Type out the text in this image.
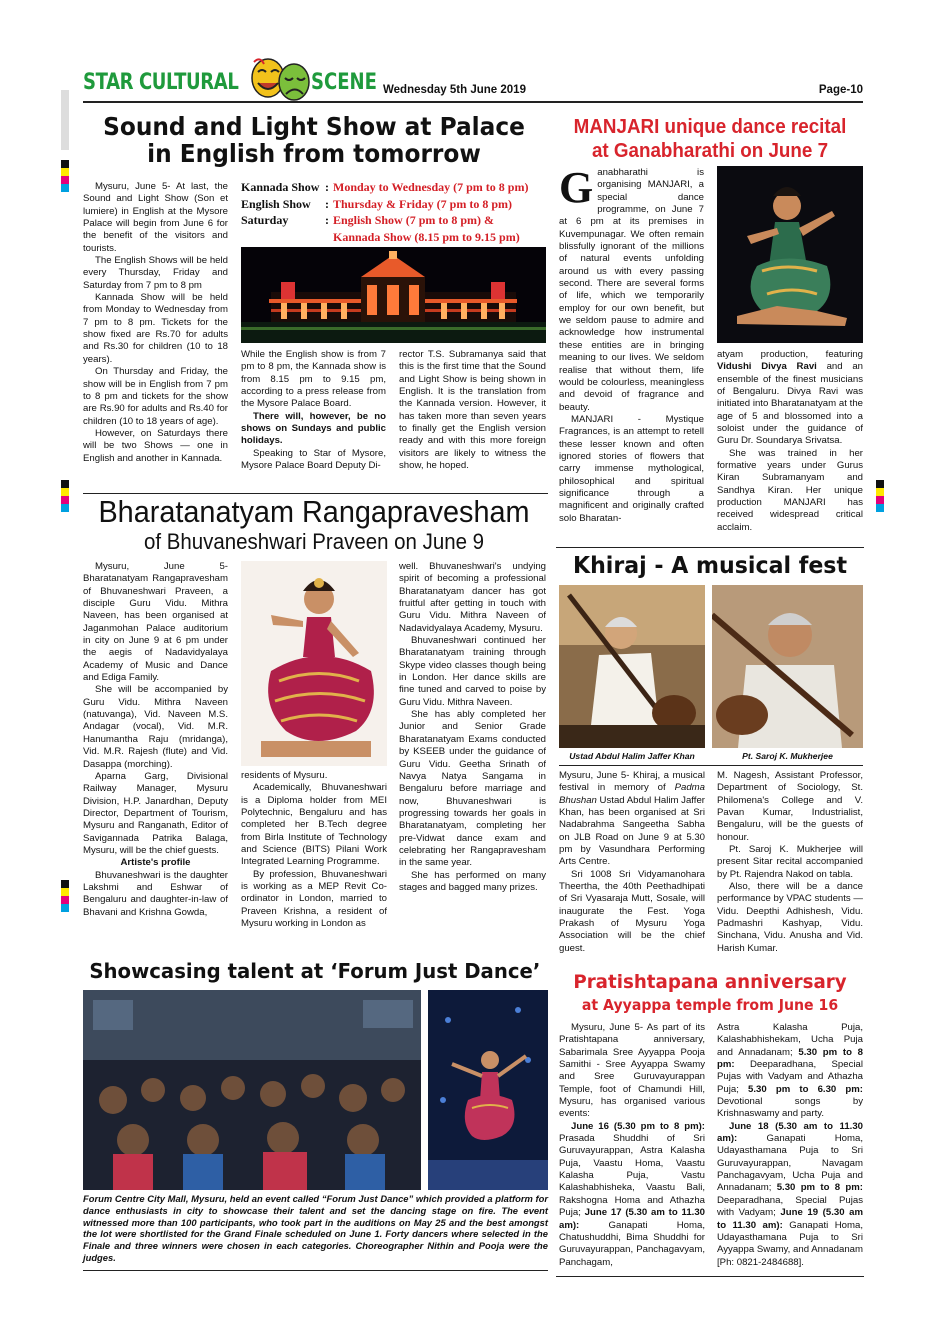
STAR CULTURAL	SCENE Wednesday 5th June 2019	Page-10
Sound and Light Show at Palace
in English from tomorrow

Mysuru, June 5- At last, the Sound and Light Show (Son et lumiere) in English at the Mysore Palace will begin from June 6 for the benefit of the visitors and tourists.

The English Shows will be held every Thursday, Friday and Saturday from 7 pm to 8 pm

Kannada Show will be held from Monday to Wednesday from 7 pm to 8 pm. Tickets for the show fixed are Rs.70 for adults and Rs.30 for children (10 to 18 years).

On Thursday and Friday, the show will be in English from 7 pm to 8 pm and tickets for the show are Rs.90 for adults and Rs.40 for children (10 to 18 years of age).

However, on Saturdays there will be two Shows — one in English and another in Kannada.

Kannada Show : Monday to Wednesday (7 pm to 8 pm)
English Show	: Thursday & Friday (7 pm to 8 pm)
Saturday	: English Show (7 pm to 8 pm) &
Kannada Show (8.15 pm to 9.15 pm)

While the English show is from 7 pm to 8 pm, the Kannada show is from 8.15 pm to 9.15 pm, according to a press release from the Mysore Palace Board.

There will, however, be no shows on Sundays and public holidays.

Speaking to Star of Mysore, Mysore Palace Board Deputy Di-

rector T.S. Subramanya said that this is the first time that the Sound and Light Show is being shown in English. It is the translation from the Kannada version. However, it has taken more than seven years to finally get the English version ready and with this more foreign visitors are likely to witness the show, he hoped.

MANJARI unique dance recital
at Ganabharathi on June 7

Ganabharathi is organising MANJARI, a special dance programme, on June 7 at 6 pm at its premises in Kuvempunagar. We often remain blissfully ignorant of the millions of natural events unfolding around us with every passing second. There are several forms of life, which we temporarily employ for our own benefit, but we seldom pause to admire and acknowledge how instrumental these entities are in bringing meaning to our lives. We seldom realise that without them, life would be colourless, meaningless and devoid of fragrance and beauty.

MANJARI - Mystique Fragrances, is an attempt to retell these lesser known and often ignored stories of flowers that carry immense mythological, philosophical and spiritual significance through a magnificent and originally crafted solo Bharatan-

atyam production, featuring Vidushi Divya Ravi and an ensemble of the finest musicians of Bengaluru. Divya Ravi was initiated into Bharatanatyam at the age of 5 and blossomed into a soloist under the guidance of Guru Dr. Soundarya Srivatsa.

She was trained in her formative years under Gurus Kiran Subramanyam and Sandhya Kiran. Her unique production MANJARI has received widespread critical acclaim.

Bharatanatyam Rangapravesham
of Bhuvaneshwari Praveen on June 9

Mysuru, June 5- Bharatanatyam Rangapravesham of Bhuvaneshwari Praveen, a disciple Guru Vidu. Mithra Naveen, has been organised at Jaganmohan Palace auditorium in city on June 9 at 6 pm under the aegis of Nadavidyalaya Academy of Music and Dance and Ediga Family.

She will be accompanied by Guru Vidu. Mithra Naveen (natuvanga), Vid. Naveen M.S. Andagar (vocal), Vid. M.R. Hanumantha Raju (mridanga), Vid. M.R. Rajesh (flute) and Vid. Dasappa (morching).

Aparna Garg, Divisional Railway Manager, Mysuru Division, H.P. Janardhan, Deputy Director, Department of Tourism, Mysuru and Ranganath, Editor of Savigannada Patrika Balaga, Mysuru, will be the chief guests.

Artiste's profile

Bhuvaneshwari is the daughter Lakshmi and Eshwar of Bengaluru and daughter-in-law of Bhavani and Krishna Gowda,

residents of Mysuru.

Academically, Bhuvaneshwari is a Diploma holder from MEI Polytechnic, Bengaluru and has completed her B.Tech degree from Birla Institute of Technology and Science (BITS) Pilani Work Integrated Learning Programme.

By profession, Bhuvaneshwari is working as a MEP Revit Co-ordinator in London, married to Praveen Krishna, a resident of Mysuru working in London as

well. Bhuvaneshwari's undying spirit of becoming a professional Bharatanatyam dancer has got fruitful after getting in touch with Guru Vidu. Mithra Naveen of Nadavidyalaya Academy, Mysuru.

Bhuvaneshwari continued her Bharatanatyam training through Skype video classes though being in London. Her dance skills are fine tuned and carved to poise by Guru Vidu. Mithra Naveen.

She has ably completed her Junior and Senior Grade Bharatanatyam Exams conducted by KSEEB under the guidance of Guru Vidu. Geetha Srinath of Navya Natya Sangama in Bengaluru before marriage and now, Bhuvaneshwari is progressing towards her goals in Bharatanatyam, completing her pre-Vidwat dance exam and celebrating her Rangapravesham in the same year.

She has performed on many stages and bagged many prizes.

Khiraj - A musical fest
Ustad Abdul Halim Jaffer Khan	Pt. Saroj K. Mukherjee

Mysuru, June 5- Khiraj, a musical festival in memory of Padma Bhushan Ustad Abdul Halim Jaffer Khan, has been organised at Sri Nadabrahma Sangeetha Sabha on JLB Road on June 9 at 5.30 pm by Vasundhara Performing Arts Centre.

Sri 1008 Sri Vidyamanohara Theertha, the 40th Peethadhipati of Sri Vyasaraja Mutt, Sosale, will inaugurate the Fest. Yoga Prakash of Mysuru Yoga Association will be the chief guest.

M. Nagesh, Assistant Professor, Department of Sociology, St. Philomena's College and V. Pavan Kumar, Industrialist, Bengaluru, will be the guests of honour.

Pt. Saroj K. Mukherjee will present Sitar recital accompanied by Pt. Rajendra Nakod on tabla.

Also, there will be a dance performance by VPAC students — Vidu. Deepthi Adhishesh, Vidu. Padmashri Kashyap, Vidu. Sinchana, Vidu. Anusha and Vid. Harish Kumar.

Showcasing talent at ‘Forum Just Dance’
Forum Centre City Mall, Mysuru, held an event called “Forum Just Dance” which provided a platform for dance enthusiasts in city to showcase their talent and set the dancing stage on fire. The event witnessed more than 100 participants, who took part in the auditions on May 25 and the best amongst the lot were shortlisted for the Grand Finale scheduled on June 1. Forty dancers where selected in the Finale and three winners were chosen in each categories. Choreographer Nithin and Pooja were the judges.
Pratishtapana anniversary
at Ayyappa temple from June 16

Mysuru, June 5- As part of its Pratishtapana anniversary, Sabarimala Sree Ayyappa Pooja Samithi - Sree Ayyappa Swamy and Sree Guruvayurappan Temple, foot of Chamundi Hill, Mysuru, has organised various events:

June 16 (5.30 pm to 8 pm): Prasada Shuddhi of Sri Guruvayurappan, Astra Kalasha Puja, Vaastu Homa, Vaastu Kalasha Puja, Vastu Kalashabhisheka, Vaastu Bali, Rakshogna Homa and Athazha Puja; June 17 (5.30 am to 11.30 am): Ganapati Homa, Chatushuddhi, Bima Shuddhi for Guruvayurappan, Panchagavyam, Panchagam,

Astra Kalasha Puja, Kalashabhishekam, Ucha Puja and Annadanam; 5.30 pm to 8 pm: Deeparadhana, Special Pujas with Vadyam and Athazha Puja; 5.30 pm to 6.30 pm: Devotional songs by Krishnaswamy and party.

June 18 (5.30 am to 11.30 am): Ganapati Homa, Udayasthamana Puja to Sri Guruvayurappan, Navagam Panchagavyam, Ucha Puja and Annadanam; 5.30 pm to 8 pm: Deeparadhana, Special Pujas with Vadyam; June 19 (5.30 am to 11.30 am): Ganapati Homa, Udayasthamana Puja to Sri Ayyappa Swamy, and Annadanam [Ph: 0821-2484688].
